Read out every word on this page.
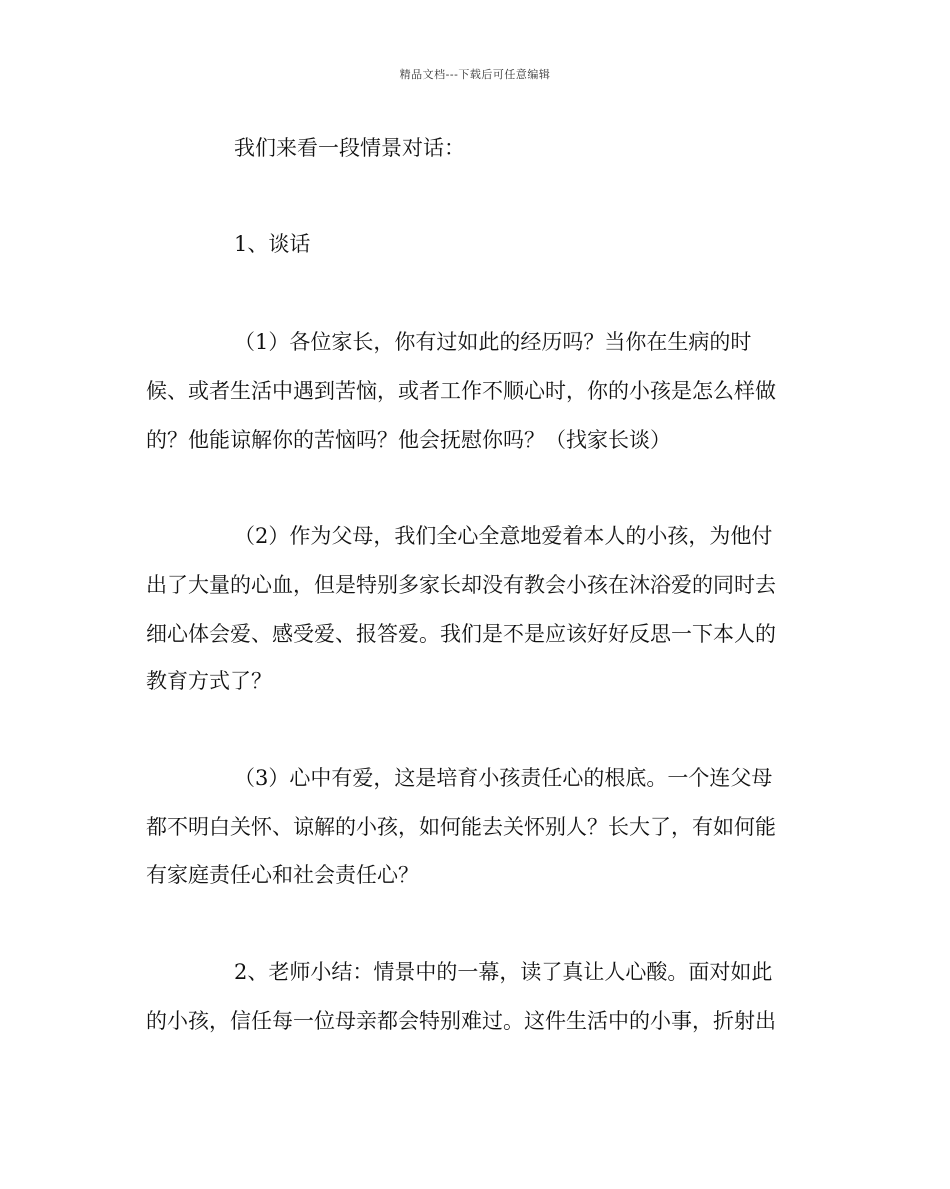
精品文档---下载后可任意编辑
我们来看一段情景对话：
1、谈话
（1）各位家长，你有过如此的经历吗？当你在生病的时
候、或者生活中遇到苦恼，或者工作不顺心时，你的小孩是怎么样做
的？他能谅解你的苦恼吗？他会抚慰你吗？（找家长谈）
（2）作为父母，我们全心全意地爱着本人的小孩，为他付
出了大量的心血，但是特别多家长却没有教会小孩在沐浴爱的同时去
细心体会爱、感受爱、报答爱。我们是不是应该好好反思一下本人的
教育方式了？
（3）心中有爱，这是培育小孩责任心的根底。一个连父母
都不明白关怀、谅解的小孩，如何能去关怀别人？长大了，有如何能
有家庭责任心和社会责任心？
2、老师小结：情景中的一幕，读了真让人心酸。面对如此
的小孩，信任每一位母亲都会特别难过。这件生活中的小事，折射出
